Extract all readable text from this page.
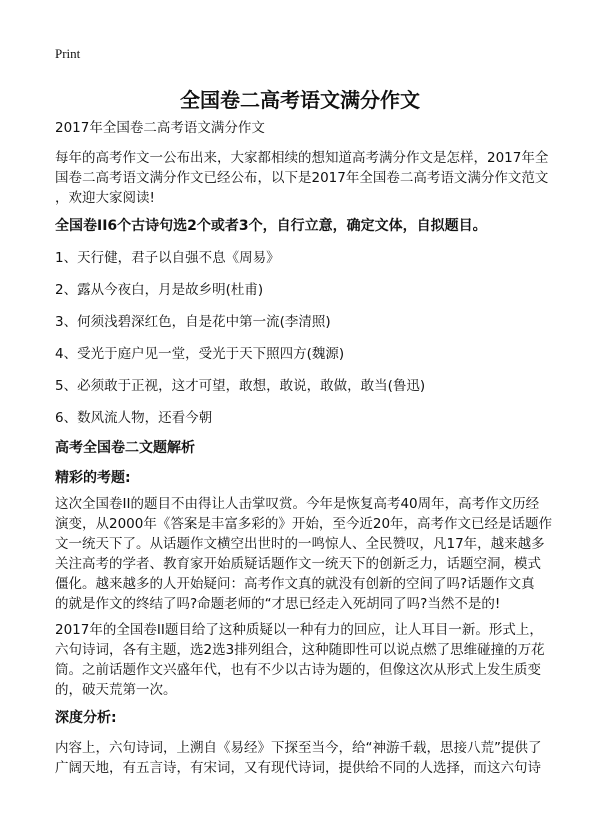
Print
全国卷二高考语文满分作文
2017年全国卷二高考语文满分作文
每年的高考作文一公布出来，大家都相续的想知道高考满分作文是怎样，2017年全
国卷二高考语文满分作文已经公布，以下是2017年全国卷二高考语文满分作文范文
，欢迎大家阅读!
全国卷II6个古诗句选2个或者3个，自行立意，确定文体，自拟题目。
1、天行健，君子以自强不息《周易》
2、露从今夜白，月是故乡明(杜甫)
3、何须浅碧深红色，自是花中第一流(李清照)
4、受光于庭户见一堂，受光于天下照四方(魏源)
5、必须敢于正视，这才可望，敢想，敢说，敢做，敢当(鲁迅)
6、数风流人物，还看今朝
高考全国卷二文题解析
精彩的考题:
这次全国卷II的题目不由得让人击掌叹赏。今年是恢复高考40周年，高考作文历经
演变，从2000年《答案是丰富多彩的》开始，至今近20年，高考作文已经是话题作
文一统天下了。从话题作文横空出世时的一鸣惊人、全民赞叹，凡17年，越来越多
关注高考的学者、教育家开始质疑话题作文一统天下的创新乏力，话题空洞，模式
僵化。越来越多的人开始疑问：高考作文真的就没有创新的空间了吗?话题作文真
的就是作文的终结了吗?命题老师的“才思已经走入死胡同了吗?当然不是的!
2017年的全国卷II题目给了这种质疑以一种有力的回应，让人耳目一新。形式上，
六句诗词，各有主题，选2选3排列组合，这种随即性可以说点燃了思维碰撞的万花
筒。之前话题作文兴盛年代，也有不少以古诗为题的，但像这次从形式上发生质变
的，破天荒第一次。
深度分析:
内容上，六句诗词，上溯自《易经》下探至当今，给“神游千载，思接八荒”提供了
广阔天地，有五言诗，有宋词，又有现代诗词，提供给不同的人选择，而这六句诗
